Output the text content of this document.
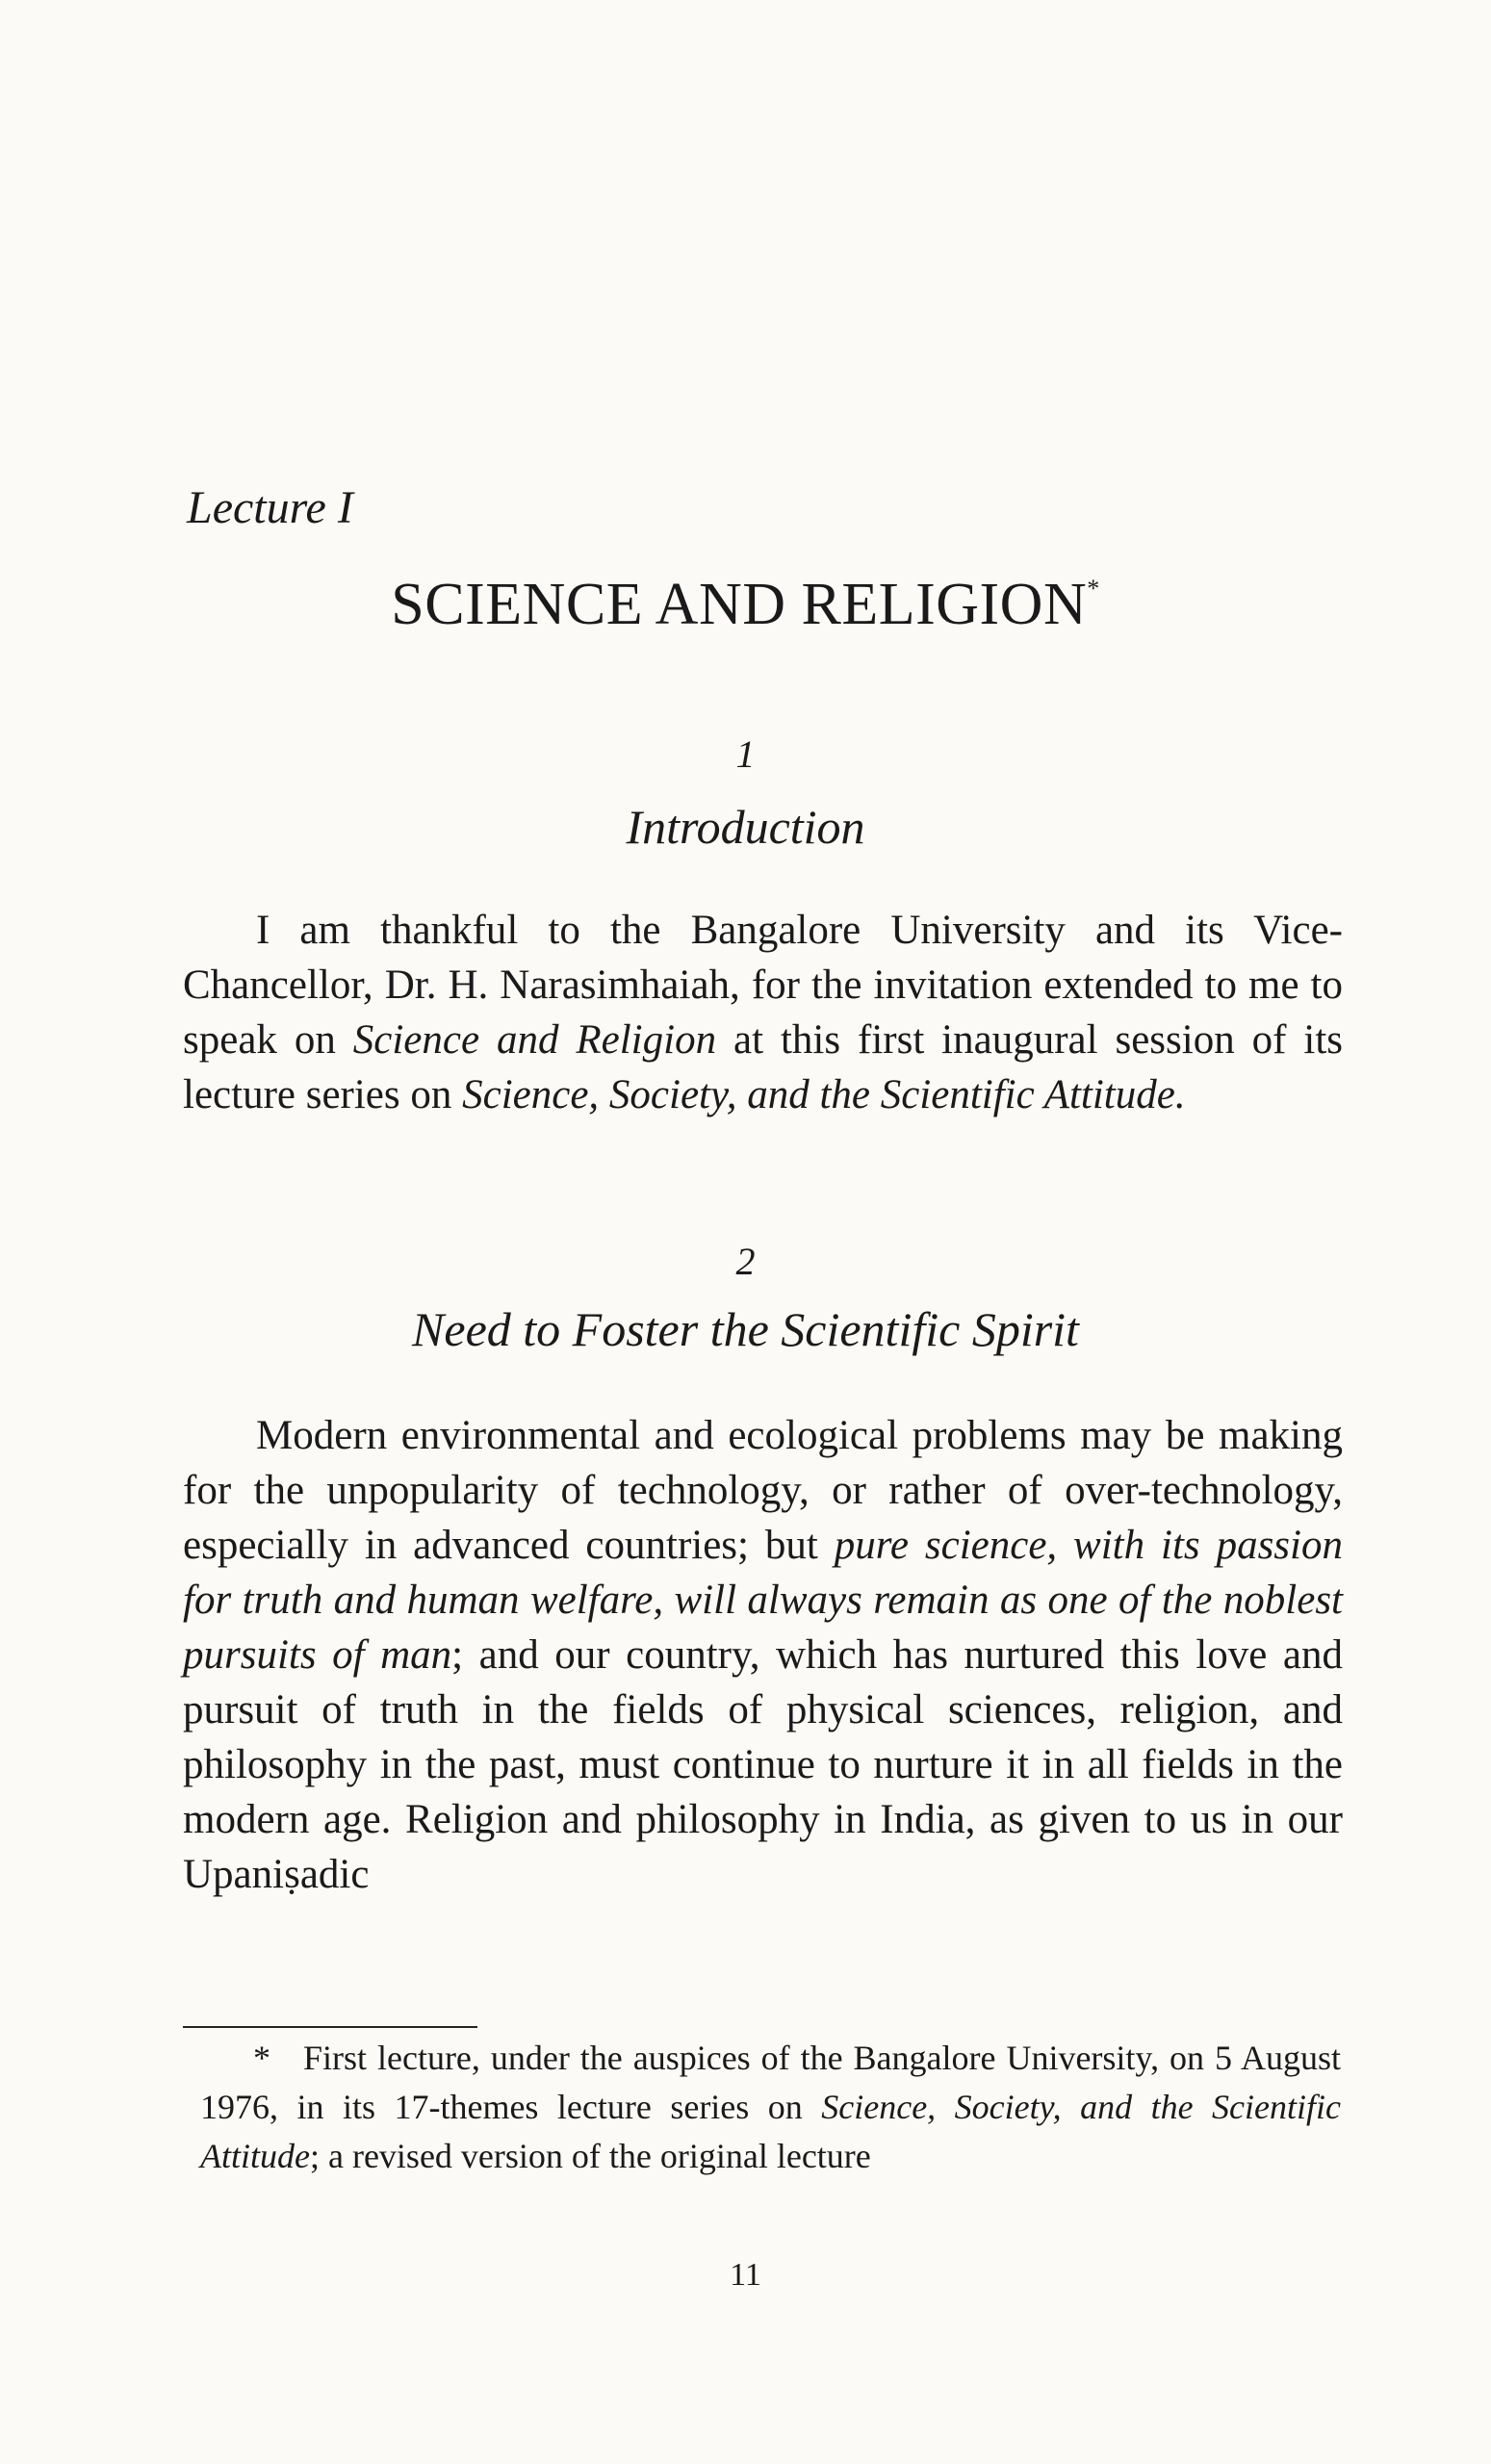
Lecture I
SCIENCE AND RELIGION*
1
Introduction

I am thankful to the Bangalore University and its Vice-Chancellor, Dr. H. Narasimhaiah, for the invitation extended to me to speak on Science and Religion at this first inaugural session of its lecture series on Science, Society, and the Scientific Attitude.

2
Need to Foster the Scientific Spirit

Modern environmental and ecological problems may be making for the unpopularity of technology, or rather of over-technology, especially in advanced countries; but pure science, with its passion for truth and human welfare, will always remain as one of the noblest pursuits of man; and our country, which has nurtured this love and pursuit of truth in the fields of physical sciences, religion, and philosophy in the past, must continue to nurture it in all fields in the modern age. Religion and philosophy in India, as given to us in our Upaniṣadic

* First lecture, under the auspices of the Bangalore University, on 5 August 1976, in its 17-themes lecture series on Science, Society, and the Scientific Attitude; a revised version of the original lecture

11
